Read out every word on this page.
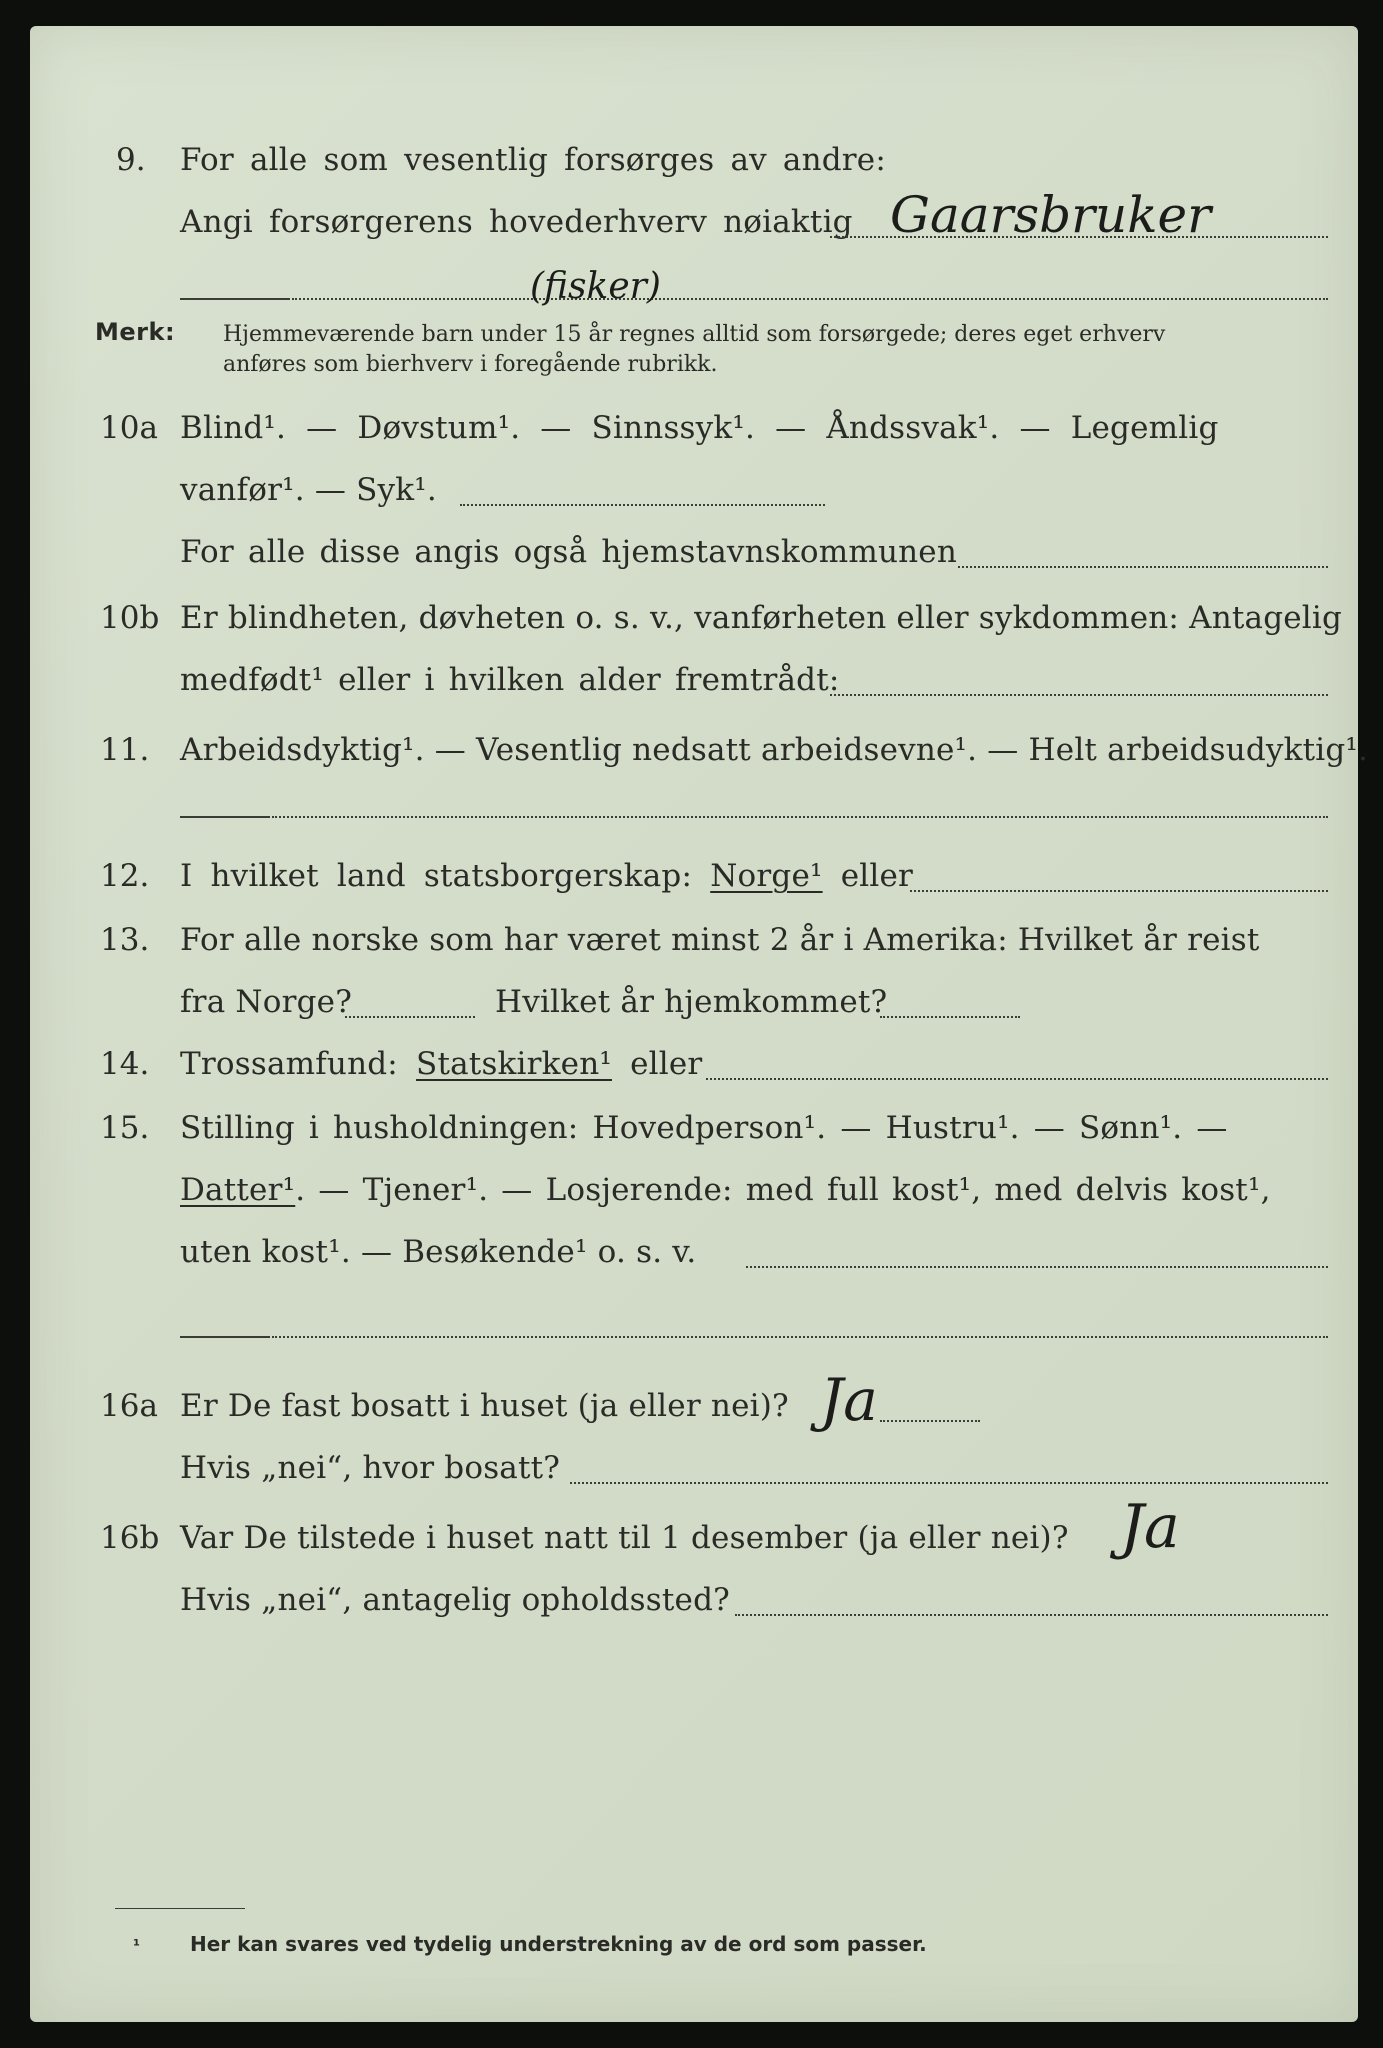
9. For alle som vesentlig forsørges av andre:
Angi forsørgerens hovederhverv nøiaktig Gaarsbruker
(fisker)
Merk: Hjemmeværende barn under 15 år regnes alltid som forsørgede; deres eget erhverv
anføres som bierhverv i foregående rubrikk.
10a Blind¹. — Døvstum¹. — Sinnssyk¹. — Åndssvak¹. — Legemlig
vanfør¹. — Syk¹.
For alle disse angis også hjemstavnskommunen
10b Er blindheten, døvheten o. s. v., vanførheten eller sykdommen: Antagelig
medfødt¹ eller i hvilken alder fremtrådt:
11. Arbeidsdyktig¹. — Vesentlig nedsatt arbeidsevne¹. — Helt arbeidsudyktig¹.
12. I hvilket land statsborgerskap: Norge¹ eller
13. For alle norske som har været minst 2 år i Amerika: Hvilket år reist
fra Norge?	Hvilket år hjemkommet?
14. Trossamfund: Statskirken¹ eller
15. Stilling i husholdningen: Hovedperson¹. — Hustru¹. — Sønn¹. —
Datter¹. — Tjener¹. — Losjerende: med full kost¹, med delvis kost¹,
uten kost¹. — Besøkende¹ o. s. v.
16a Er De fast bosatt i huset (ja eller nei)? Ja
Hvis „nei“, hvor bosatt?
16b Var De tilstede i huset natt til 1 desember (ja eller nei)? Ja
Hvis „nei“, antagelig opholdssted?
¹ Her kan svares ved tydelig understrekning av de ord som passer.
